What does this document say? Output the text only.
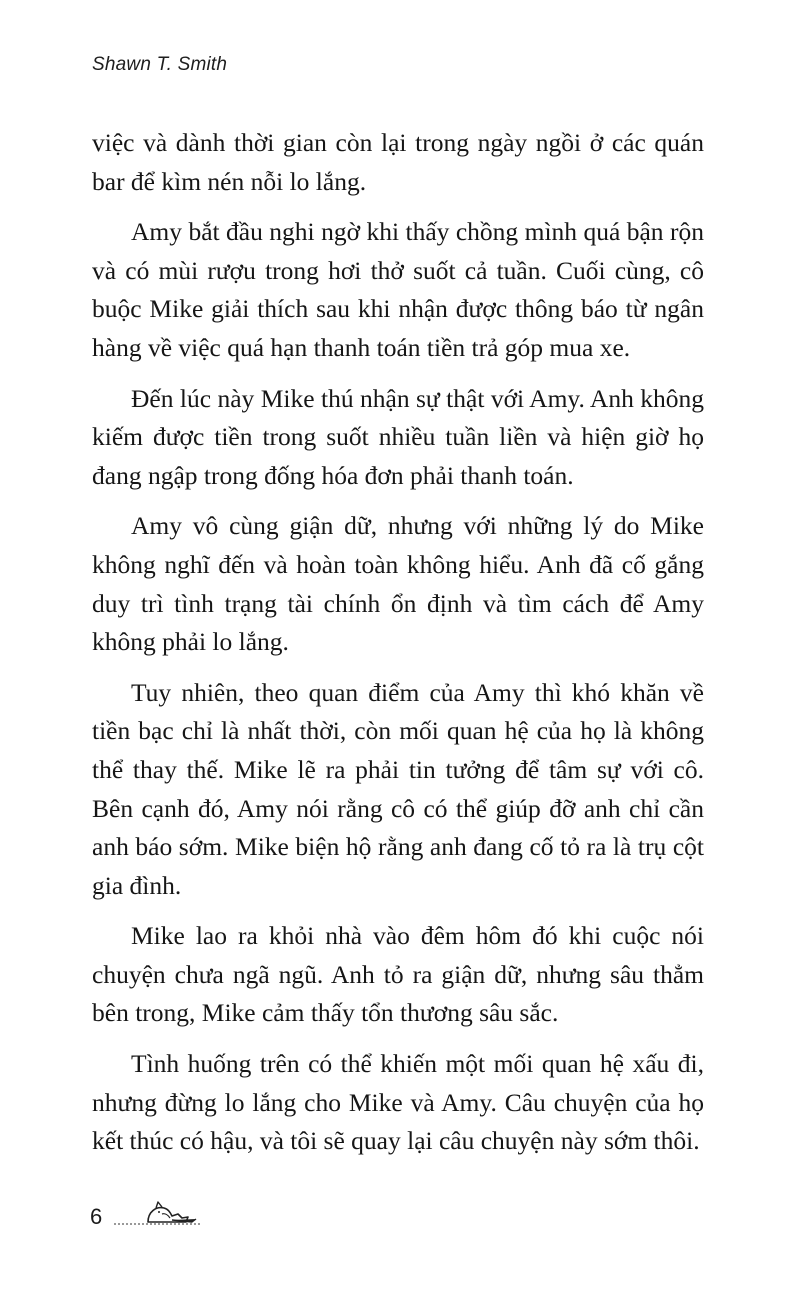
Shawn T. Smith

việc và dành thời gian còn lại trong ngày ngồi ở các quán bar để kìm nén nỗi lo lắng.

Amy bắt đầu nghi ngờ khi thấy chồng mình quá bận rộn và có mùi rượu trong hơi thở suốt cả tuần. Cuối cùng, cô buộc Mike giải thích sau khi nhận được thông báo từ ngân hàng về việc quá hạn thanh toán tiền trả góp mua xe.

Đến lúc này Mike thú nhận sự thật với Amy. Anh không kiếm được tiền trong suốt nhiều tuần liền và hiện giờ họ đang ngập trong đống hóa đơn phải thanh toán.

Amy vô cùng giận dữ, nhưng với những lý do Mike không nghĩ đến và hoàn toàn không hiểu. Anh đã cố gắng duy trì tình trạng tài chính ổn định và tìm cách để Amy không phải lo lắng.

Tuy nhiên, theo quan điểm của Amy thì khó khăn về tiền bạc chỉ là nhất thời, còn mối quan hệ của họ là không thể thay thế. Mike lẽ ra phải tin tưởng để tâm sự với cô. Bên cạnh đó, Amy nói rằng cô có thể giúp đỡ anh chỉ cần anh báo sớm. Mike biện hộ rằng anh đang cố tỏ ra là trụ cột gia đình.

Mike lao ra khỏi nhà vào đêm hôm đó khi cuộc nói chuyện chưa ngã ngũ. Anh tỏ ra giận dữ, nhưng sâu thẳm bên trong, Mike cảm thấy tổn thương sâu sắc.

Tình huống trên có thể khiến một mối quan hệ xấu đi, nhưng đừng lo lắng cho Mike và Amy. Câu chuyện của họ kết thúc có hậu, và tôi sẽ quay lại câu chuyện này sớm thôi.

6
